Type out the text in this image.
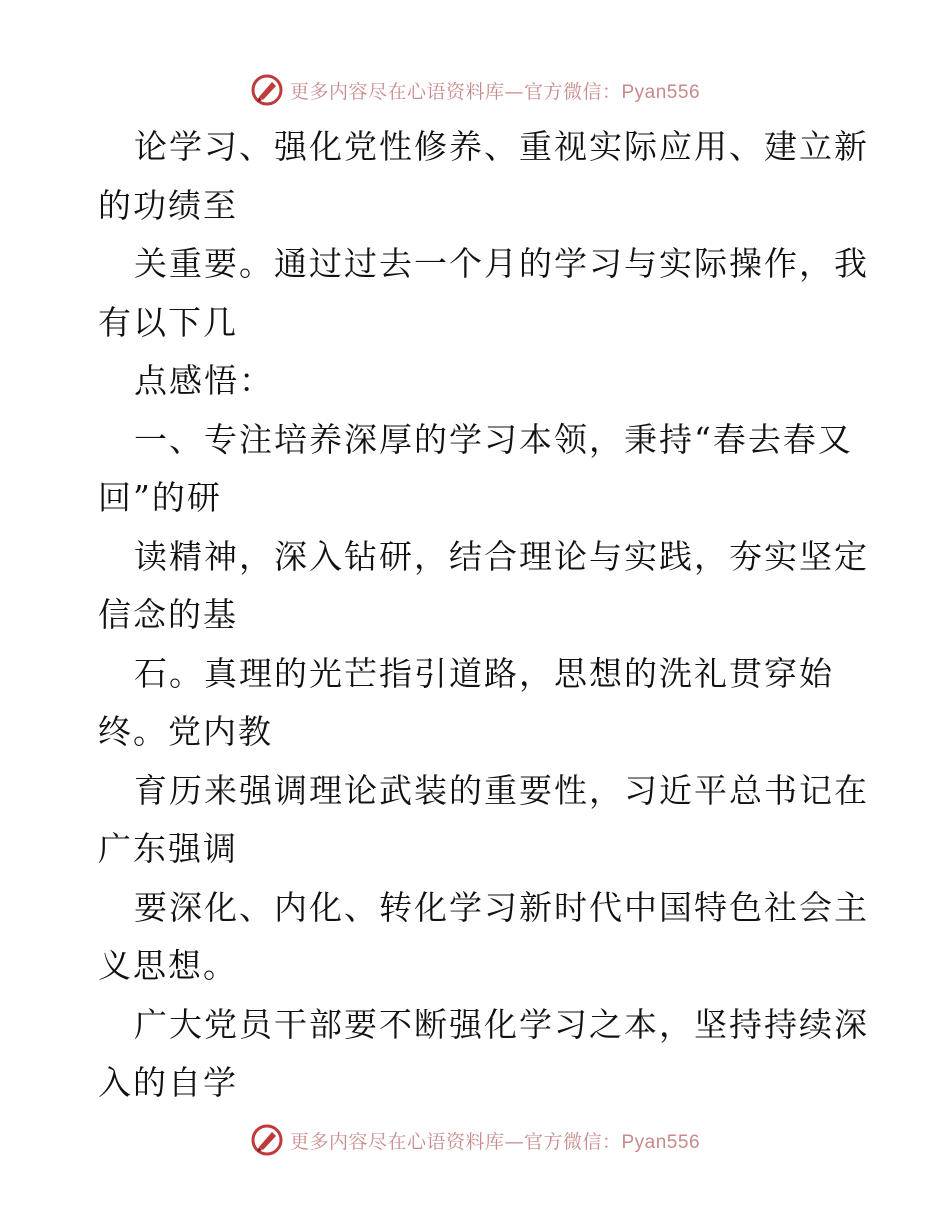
更多内容尽在心语资料库—官方微信：Pyan556
论学习、强化党性修养、重视实际应用、建立新
的功绩至
关重要。通过过去一个月的学习与实际操作，我
有以下几
点感悟：
一、专注培养深厚的学习本领，秉持“春去春又
回”的研
读精神，深入钻研，结合理论与实践，夯实坚定
信念的基
石。真理的光芒指引道路，思想的洗礼贯穿始
终。党内教
育历来强调理论武装的重要性，习近平总书记在
广东强调
要深化、内化、转化学习新时代中国特色社会主
义思想。
广大党员干部要不断强化学习之本，坚持持续深
入的自学
更多内容尽在心语资料库—官方微信：Pyan556
